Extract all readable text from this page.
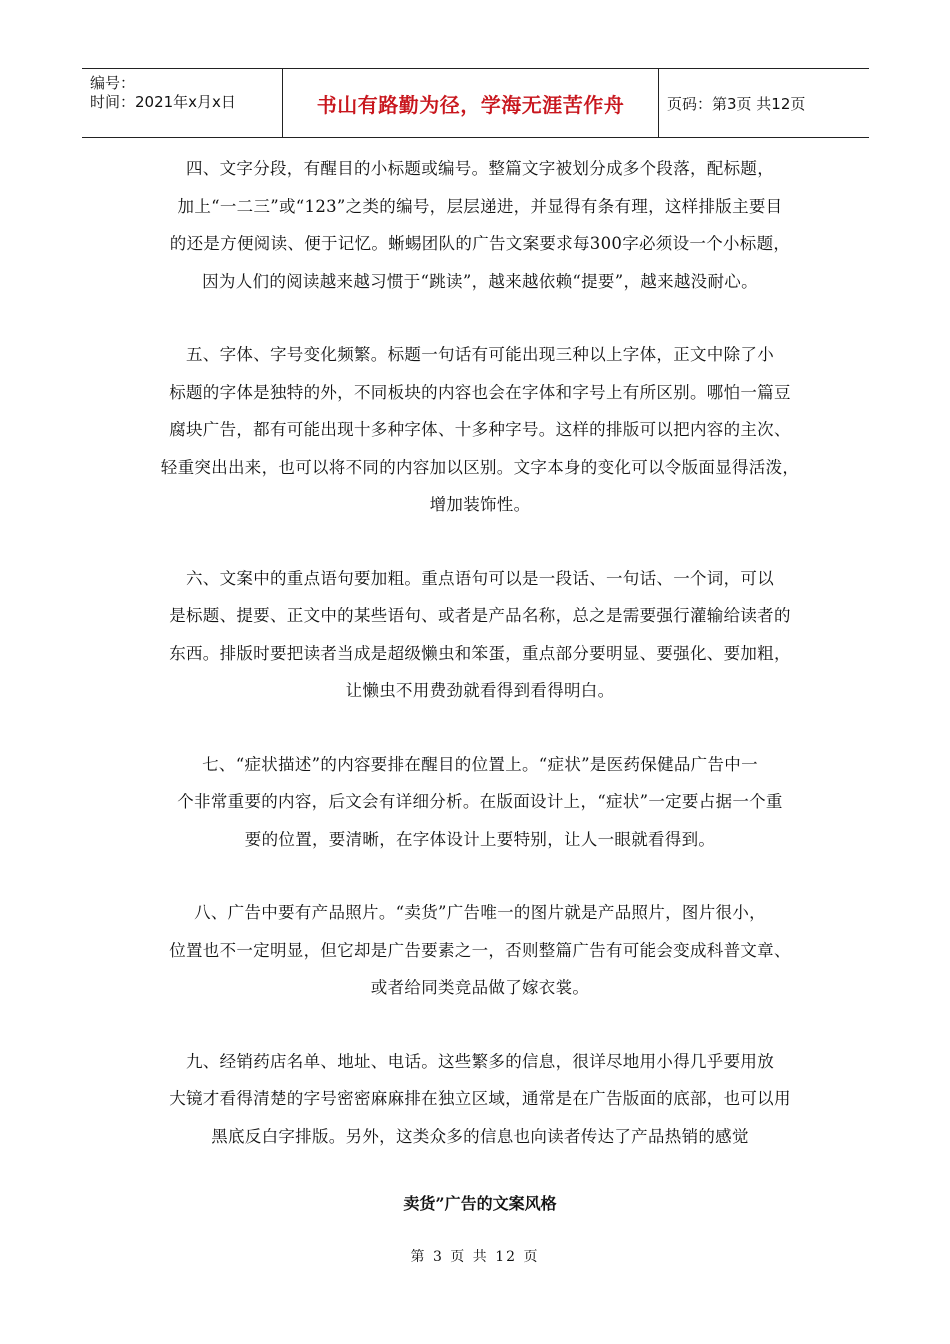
编号：
时间：2021年x月x日	书山有路勤为径，学海无涯苦作舟	页码：第3页 共12页
四、文字分段，有醒目的小标题或编号。整篇文字被划分成多个段落，配标题，
加上“一二三”或“123”之类的编号，层层递进，并显得有条有理，这样排版主要目
的还是方便阅读、便于记忆。蜥蜴团队的广告文案要求每300字必须设一个小标题，
因为人们的阅读越来越习惯于“跳读”，越来越依赖“提要”，越来越没耐心。
五、字体、字号变化频繁。标题一句话有可能出现三种以上字体，正文中除了小
标题的字体是独特的外，不同板块的内容也会在字体和字号上有所区别。哪怕一篇豆
腐块广告，都有可能出现十多种字体、十多种字号。这样的排版可以把内容的主次、
轻重突出出来，也可以将不同的内容加以区别。文字本身的变化可以令版面显得活泼，
增加装饰性。
六、文案中的重点语句要加粗。重点语句可以是一段话、一句话、一个词，可以
是标题、提要、正文中的某些语句、或者是产品名称，总之是需要强行灌输给读者的
东西。排版时要把读者当成是超级懒虫和笨蛋，重点部分要明显、要强化、要加粗，
让懒虫不用费劲就看得到看得明白。
七、“症状描述”的内容要排在醒目的位置上。“症状”是医药保健品广告中一
个非常重要的内容，后文会有详细分析。在版面设计上，“症状”一定要占据一个重
要的位置，要清晰，在字体设计上要特别，让人一眼就看得到。
八、广告中要有产品照片。“卖货”广告唯一的图片就是产品照片，图片很小，
位置也不一定明显，但它却是广告要素之一，否则整篇广告有可能会变成科普文章、
或者给同类竞品做了嫁衣裳。
九、经销药店名单、地址、电话。这些繁多的信息，很详尽地用小得几乎要用放
大镜才看得清楚的字号密密麻麻排在独立区域，通常是在广告版面的底部，也可以用
黑底反白字排版。另外，这类众多的信息也向读者传达了产品热销的感觉
卖货”广告的文案风格
第 3 页 共 12 页
